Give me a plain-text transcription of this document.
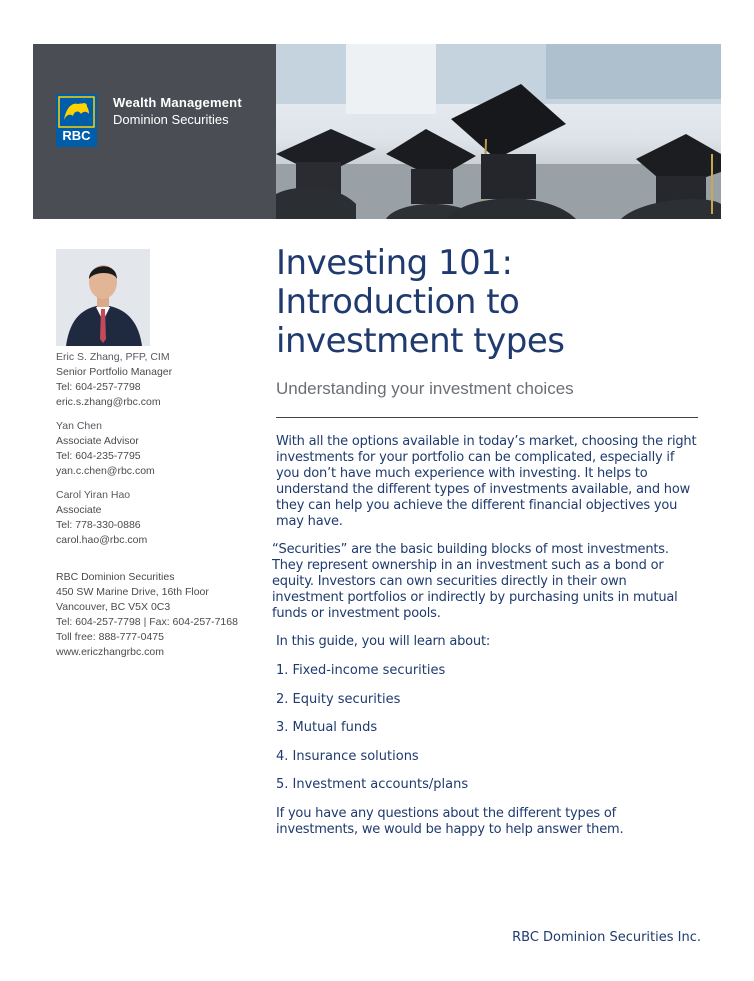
RBC
Wealth Management
Dominion Securities
Eric S. Zhang, PFP, CIM
Senior Portfolio Manager
Tel: 604-257-7798
eric.s.zhang@rbc.com
Yan Chen
Associate Advisor
Tel: 604-235-7795
yan.c.chen@rbc.com
Carol Yiran Hao
Associate
Tel: 778-330-0886
carol.hao@rbc.com
RBC Dominion Securities
450 SW Marine Drive, 16th Floor
Vancouver, BC V5X 0C3
Tel: 604-257-7798 | Fax: 604-257-7168
Toll free: 888-777-0475
www.ericzhangrbc.com
Investing 101:
Introduction to
investment types
Understanding your investment choices

With all the options available in today’s market, choosing the right investments for your portfolio can be complicated, especially if you don’t have much experience with investing. It helps to understand the different types of investments available, and how they can help you achieve the different financial objectives you may have.

“Securities” are the basic building blocks of most investments. They represent ownership in an investment such as a bond or equity. Investors can own securities directly in their own investment portfolios or indirectly by purchasing units in mutual funds or investment pools.

In this guide, you will learn about:

1. Fixed-income securities
2. Equity securities
3. Mutual funds
4. Insurance solutions
5. Investment accounts/plans

If you have any questions about the different types of investments, we would be happy to help answer them.

RBC Dominion Securities Inc.
